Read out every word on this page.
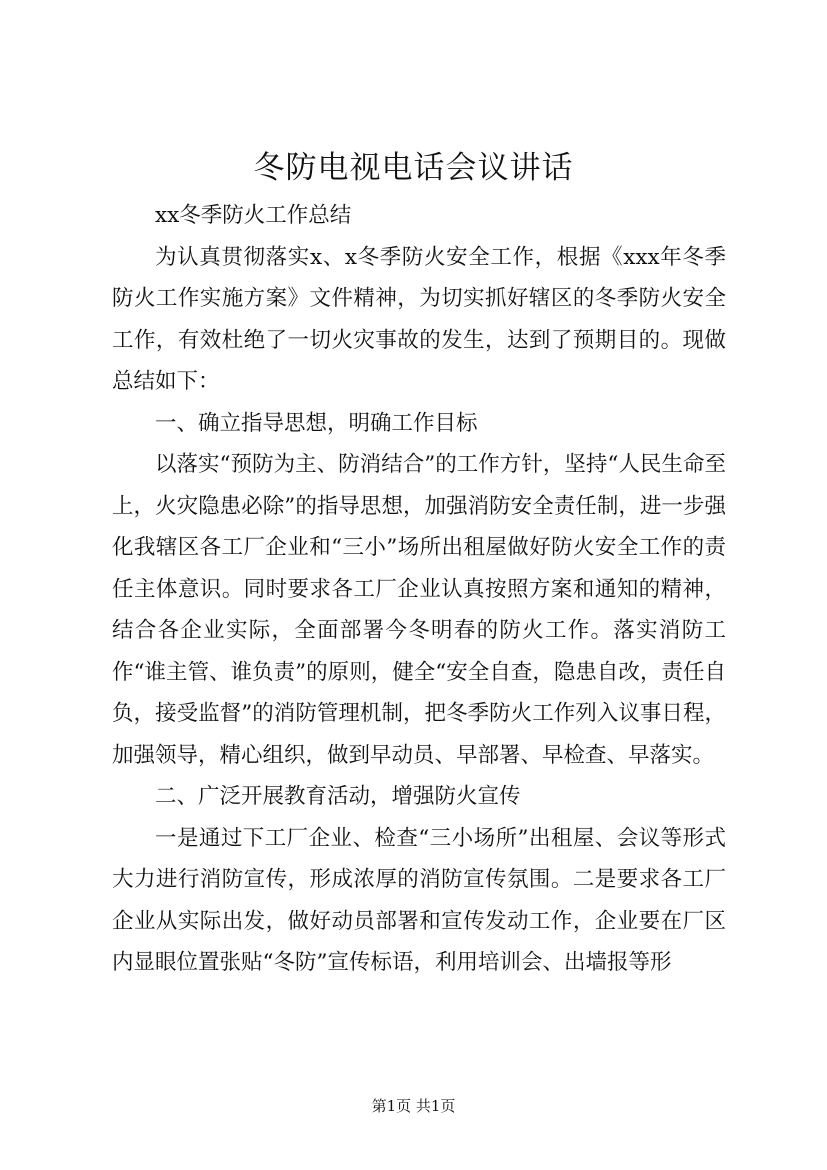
冬防电视电话会议讲话

xx冬季防火工作总结

为认真贯彻落实x、x冬季防火安全工作，根据《xxx年冬季防火工作实施方案》文件精神，为切实抓好辖区的冬季防火安全工作，有效杜绝了一切火灾事故的发生，达到了预期目的。现做总结如下：

一、确立指导思想，明确工作目标

以落实“预防为主、防消结合”的工作方针，坚持“人民生命至上，火灾隐患必除”的指导思想，加强消防安全责任制，进一步强化我辖区各工厂企业和“三小”场所出租屋做好防火安全工作的责任主体意识。同时要求各工厂企业认真按照方案和通知的精神，结合各企业实际，全面部署今冬明春的防火工作。落实消防工作“谁主管、谁负责”的原则，健全“安全自查，隐患自改，责任自负，接受监督”的消防管理机制，把冬季防火工作列入议事日程，加强领导，精心组织，做到早动员、早部署、早检查、早落实。

二、广泛开展教育活动，增强防火宣传

一是通过下工厂企业、检查“三小场所”出租屋、会议等形式大力进行消防宣传，形成浓厚的消防宣传氛围。二是要求各工厂企业从实际出发，做好动员部署和宣传发动工作，企业要在厂区内显眼位置张贴“冬防”宣传标语，利用培训会、出墙报等形

第1页 共1页
